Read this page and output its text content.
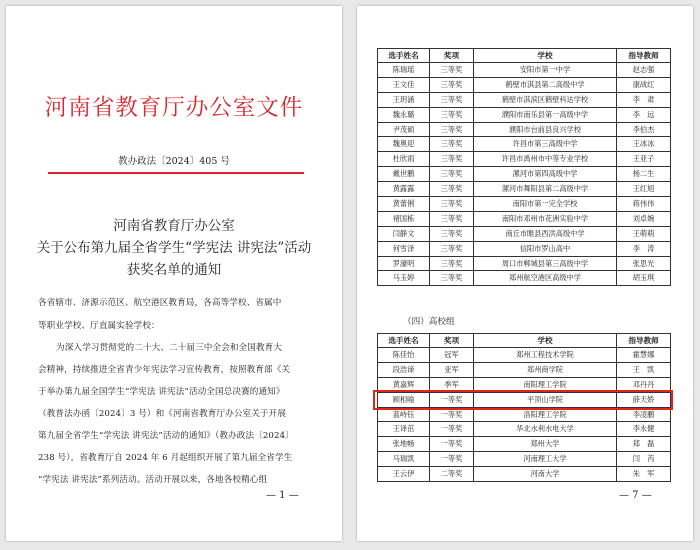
河南省教育厅办公室文件
教办政法〔2024〕405 号
河南省教育厅办公室
关于公布第九届全省学生“学宪法 讲宪法”活动
获奖名单的通知
各省辖市、济源示范区、航空港区教育局，各高等学校、省属中
等职业学校、厅直属实验学校：
为深入学习贯彻党的二十大、二十届三中全会和全国教育大
会精神，持续推进全省青少年宪法学习宣传教育，按照教育部《关
于举办第九届全国学生“学宪法 讲宪法”活动全国总决赛的通知》
（教普法办函〔2024〕3 号）和《河南省教育厅办公室关于开展
第九届全省学生“学宪法 讲宪法”活动的通知》（教办政法〔2024〕
238 号），省教育厅自 2024 年 6 月起组织开展了第九届全省学生
“学宪法 讲宪法”系列活动。活动开展以来，各地各校精心组
— 1 —
选手姓名	奖项	学校	指导教师
陈瑞瑶	三等奖	安阳市第一中学	赵志强
王文佳	三等奖	鹤壁市淇县第二高级中学	康战红
王玥涵	三等奖	鹤壁市淇滨区鹤壁科达学校	李　肃
魏永璐	三等奖	濮阳市南乐县第一高级中学	李　远
尹茂硕	三等奖	濮阳市台前县良兴学校	李伯杰
魏奥迎	三等奖	许昌市第三高级中学	王冰冰
杜欣雨	三等奖	许昌市禹州市中等专业学校	王亚子
戴世鹏	三等奖	漯河市第四高级中学	杨二生
黄露露	三等奖	漯河市舞阳县第二高级中学	王红旭
黄蕾俐	三等奖	南阳市第一完全学校	蒋伟伟
褚国栋	三等奖	南阳市邓州市花洲实验中学	刘卓婉
闫静文	三等奖	商丘市睢县西洪高级中学	王萌萌
何雪泽	三等奖	信阳市罗山高中	李　涛
罗濠明	三等奖	周口市郸城县第三高级中学	张思光
马玉婷	三等奖	郑州航空港区高级中学	胡玉琪
（四）高校组
选手姓名	奖项	学校	指导教师
陈佳怡	冠军	郑州工程技术学院	霍慧娜
段浩谛	亚军	郑州商学院	王　凯
黄嘉辉	季军	南阳理工学院	邓丹丹
顾相喻	一等奖	平顶山学院	薛天娇
蓝峙钰	一等奖	洛阳理工学院	李凌鹏
王译茁	一等奖	华北水利水电大学	李永健
张地畅	一等奖	郑州大学	郑　磊
马瑞凯	一等奖	河南理工大学	闫　芮
王云伊	二等奖	河南大学	朱　军
— 7 —
